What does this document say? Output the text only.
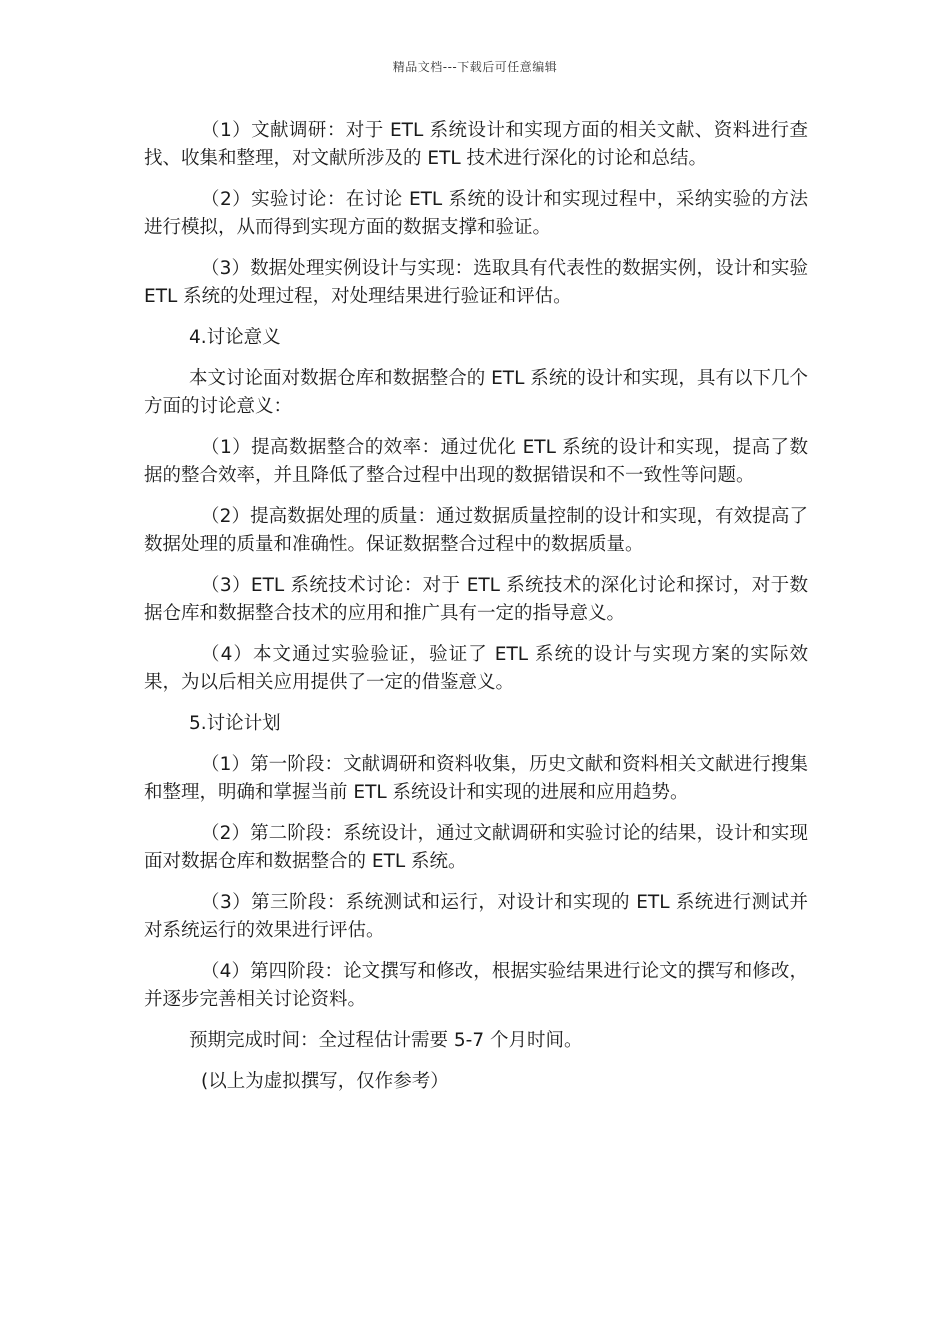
精品文档---下载后可任意编辑

（1）文献调研：对于 ETL 系统设计和实现方面的相关文献、资料进行查找、收集和整理，对文献所涉及的 ETL 技术进行深化的讨论和总结。

（2）实验讨论：在讨论 ETL 系统的设计和实现过程中，采纳实验的方法进行模拟，从而得到实现方面的数据支撑和验证。

（3）数据处理实例设计与实现：选取具有代表性的数据实例，设计和实验 ETL 系统的处理过程，对处理结果进行验证和评估。

4.讨论意义

本文讨论面对数据仓库和数据整合的 ETL 系统的设计和实现，具有以下几个方面的讨论意义：

（1）提高数据整合的效率：通过优化 ETL 系统的设计和实现，提高了数据的整合效率，并且降低了整合过程中出现的数据错误和不一致性等问题。

（2）提高数据处理的质量：通过数据质量控制的设计和实现，有效提高了数据处理的质量和准确性。保证数据整合过程中的数据质量。

（3）ETL 系统技术讨论：对于 ETL 系统技术的深化讨论和探讨，对于数据仓库和数据整合技术的应用和推广具有一定的指导意义。

（4）本文通过实验验证，验证了 ETL 系统的设计与实现方案的实际效果，为以后相关应用提供了一定的借鉴意义。

5.讨论计划

（1）第一阶段：文献调研和资料收集，历史文献和资料相关文献进行搜集和整理，明确和掌握当前 ETL 系统设计和实现的进展和应用趋势。

（2）第二阶段：系统设计，通过文献调研和实验讨论的结果，设计和实现面对数据仓库和数据整合的 ETL 系统。

（3）第三阶段：系统测试和运行，对设计和实现的 ETL 系统进行测试并对系统运行的效果进行评估。

（4）第四阶段：论文撰写和修改，根据实验结果进行论文的撰写和修改，并逐步完善相关讨论资料。

预期完成时间：全过程估计需要 5-7 个月时间。

(以上为虚拟撰写，仅作参考）
